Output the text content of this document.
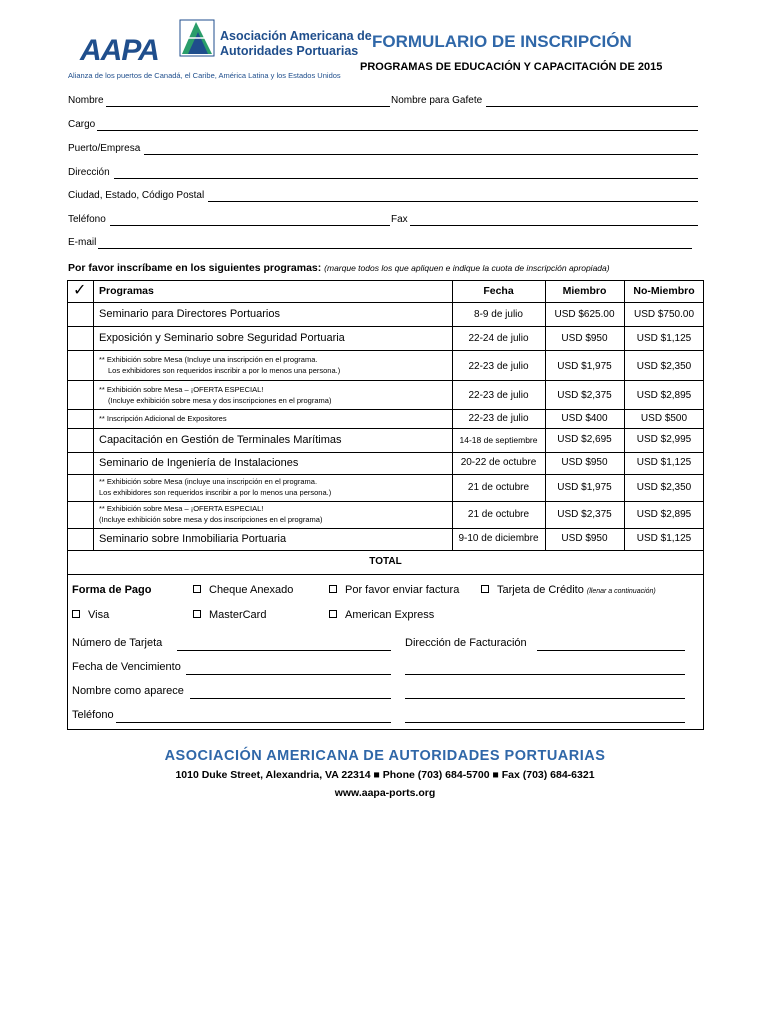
AAPA	Asociación Americana de
Autoridades Portuarias
Alianza de los puertos de Canadá, el Caribe, América Latina y los Estados Unidos
FORMULARIO DE INSCRIPCIÓN
PROGRAMAS DE EDUCACIÓN Y CAPACITACIÓN DE 2015
Nombre	Nombre para Gafete
Cargo
Puerto/Empresa
Dirección
Ciudad, Estado, Código Postal
Teléfono	Fax
E-mail
Por favor inscríbame en los siguientes programas: (marque todos los que apliquen e indique la cuota de inscripción apropiada)
✓ Programas	Fecha	Miembro	No-Miembro
Seminario para Directores Portuarios	8-9 de julio	USD $625.00	USD $750.00
Exposición y Seminario sobre Seguridad Portuaria	22-24 de julio	USD $950	USD $1,125
** Exhibición sobre Mesa (Incluye una inscripción en el programa.
Los exhibidores son requeridos inscribir a por lo menos una persona.)	22-23 de julio	USD $1,975	USD $2,350
** Exhibición sobre Mesa – ¡OFERTA ESPECIAL!
(Incluye exhibición sobre mesa y dos inscripciones en el programa)	22-23 de julio	USD $2,375	USD $2,895
** Inscripción Adicional de Expositores	22-23 de julio	USD $400	USD $500
Capacitación en Gestión de Terminales Marítimas	14-18 de septiembre	USD $2,695	USD $2,995
Seminario de Ingeniería de Instalaciones	20-22 de octubre	USD $950	USD $1,125
** Exhibición sobre Mesa (incluye una inscripción en el programa.
Los exhibidores son requeridos inscribir a por lo menos una persona.)	21 de octubre	USD $1,975	USD $2,350
** Exhibición sobre Mesa – ¡OFERTA ESPECIAL!
(Incluye exhibición sobre mesa y dos inscripciones en el programa)	21 de octubre	USD $2,375	USD $2,895
Seminario sobre Inmobiliaria Portuaria	9-10 de diciembre	USD $950	USD $1,125
TOTAL
Forma de Pago	Cheque Anexado	Por favor enviar factura	Tarjeta de Crédito (llenar a continuación)
Visa	MasterCard	American Express
Número de Tarjeta	Dirección de Facturación
Fecha de Vencimiento
Nombre como aparece
Teléfono
ASOCIACIÓN AMERICANA DE AUTORIDADES PORTUARIAS
1010 Duke Street, Alexandria, VA 22314 ■ Phone (703) 684-5700 ■ Fax (703) 684-6321
www.aapa-ports.org
